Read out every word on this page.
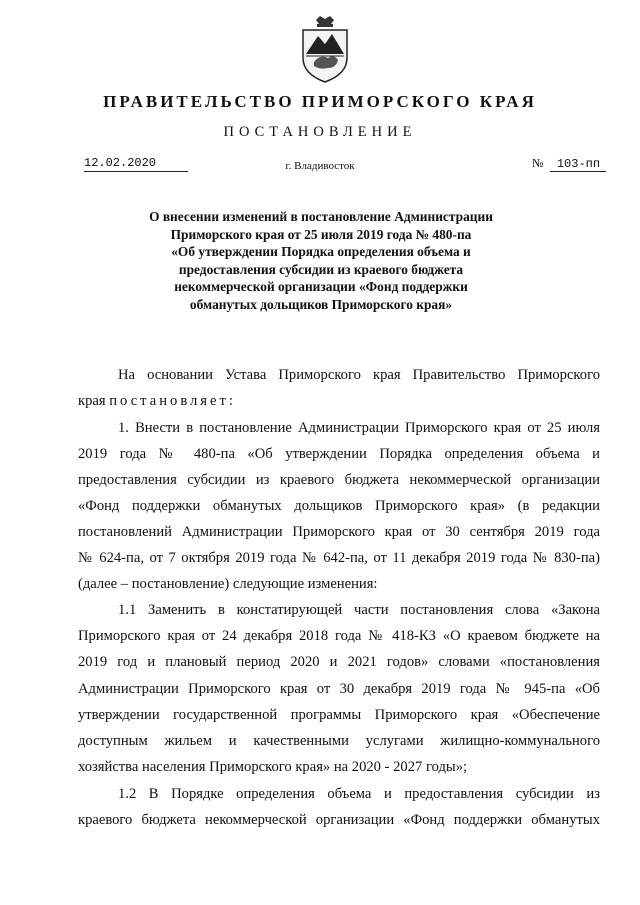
ПРАВИТЕЛЬСТВО ПРИМОРСКОГО КРАЯ
ПОСТАНОВЛЕНИЕ
12.02.2020	г. Владивосток	№ 103-пп
О внесении изменений в постановление Администрации
Приморского края от 25 июля 2019 года № 480-па
«Об утверждении Порядка определения объема и
предоставления субсидии из краевого бюджета
некоммерческой организации «Фонд поддержки
обманутых дольщиков Приморского края»
На основании Устава Приморского края Правительство Приморского
края постановляет:
1. Внести в постановление Администрации Приморского края от 25 июля
2019 года № 480-па «Об утверждении Порядка определения объема и
предоставления субсидии из краевого бюджета некоммерческой организации
«Фонд поддержки обманутых дольщиков Приморского края» (в редакции
постановлений Администрации Приморского края от 30 сентября 2019 года
№ 624-па, от 7 октября 2019 года № 642-па, от 11 декабря 2019 года № 830-па)
(далее – постановление) следующие изменения:
1.1 Заменить в констатирующей части постановления слова «Закона
Приморского края от 24 декабря 2018 года № 418-КЗ «О краевом бюджете на
2019 год и плановый период 2020 и 2021 годов» словами «постановления
Администрации Приморского края от 30 декабря 2019 года № 945-па «Об
утверждении государственной программы Приморского края «Обеспечение
доступным жильем и качественными услугами жилищно-коммунального
хозяйства населения Приморского края» на 2020 - 2027 годы»;
1.2 В Порядке определения объема и предоставления субсидии из
краевого бюджета некоммерческой организации «Фонд поддержки обманутых
